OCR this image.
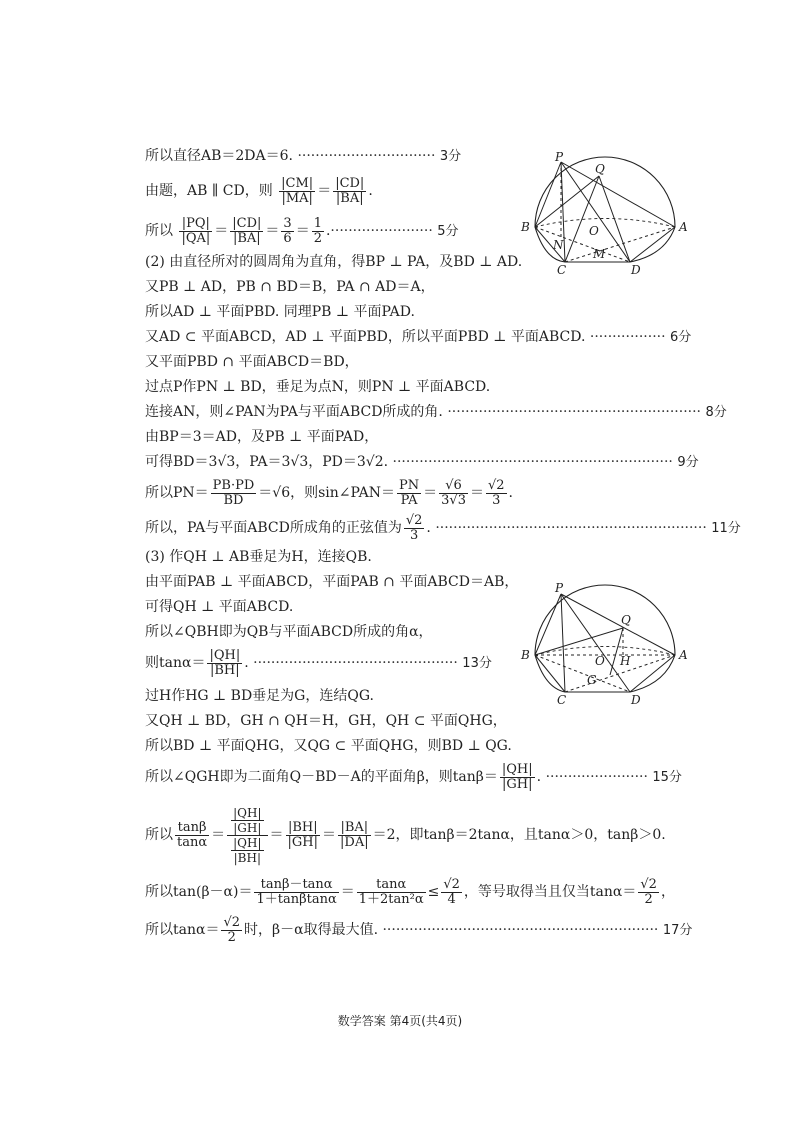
所以直径AB＝2DA＝6. ······························· 3分
由题，AB ∥ CD，则 $\frac{|CM|}{|MA|} = \frac{|CD|}{|BA|}$ .
所以 $\frac{|PQ|}{|QA|} = \frac{|CD|}{|BA|} = \frac{3}{6} = \frac{1}{2}$ .······················· 5分
(2) 由直径所对的圆周角为直角，得BP ⊥ PA，及BD ⊥ AD.
又PB ⊥ AD，PB ∩ BD＝B，PA ∩ AD＝A，
所以AD ⊥ 平面PBD. 同理PB ⊥ 平面PAD.
又AD ⊂ 平面ABCD，AD ⊥ 平面PBD，所以平面PBD ⊥ 平面ABCD. ················· 6分
又平面PBD ∩ 平面ABCD＝BD，
过点P作PN ⊥ BD，垂足为点N，则PN ⊥ 平面ABCD.
连接AN，则∠PAN为PA与平面ABCD所成的角. ························································· 8分
由BP＝3＝AD，及PB ⊥ 平面PAD，
可得BD＝3√3，PA＝3√3，PD＝3√2. ······························································· 9分
所以$PN= \frac{PB\cdot PD}{BD} =√6$，则sin∠PAN＝ $\frac{PN}{PA} = \frac{√6}{3√3} = \frac{√2}{3}$ .
所以，PA与平面ABCD所成角的正弦值为 $\frac{√2}{3}$ . ····························································· 11分
(3) 作QH ⊥ AB垂足为H，连接QB.
由平面PAB ⊥ 平面ABCD，平面PAB ∩ 平面ABCD＝AB，
可得QH ⊥ 平面ABCD.
所以∠QBH即为QB与平面ABCD所成的角α，
则$\tan\alpha= \frac{|QH|}{|BH|}$ . ·············································· 13分
过H作HG ⊥ BD垂足为G，连结QG.
又QH ⊥ BD，GH ∩ QH＝H，GH，QH ⊂ 平面QHG，
所以BD ⊥ 平面QHG，又QG ⊂ 平面QHG，则BD ⊥ QG.
所以∠QGH即为二面角Q－BD－A的平面角β，则$\tan\beta= \frac{|QH|}{|GH|}$ . ······················· 15分
所以 $\frac{\tan\beta}{\tan\alpha} = \frac{\frac{|QH|}{|GH|}}{\frac{|QH|}{|BH|}} = \frac{|BH|}{|GH|} = \frac{|BA|}{|DA|} =2$，即tanβ＝2tanα，且tanα＞0，tanβ＞0.
所以$\tan(\beta-\alpha)= \frac{\tan\beta-\tan\alpha}{1+\tan\beta\tan\alpha} = \frac{\tan\alpha}{\text{1＋2tan²α}} \le \frac{√2}{4}$ ，等号取得当且仅当$\tan\alpha= \frac{√2}{2}$ ，
所以$\tan\alpha= \frac{√2}{2}$ 时，β－α取得最大值. ······························································ 17分
P
Q
B
N
O
M
A
C	D
P
Q
B	O H
G
A
C	D
数学答案 第4页(共4页)
